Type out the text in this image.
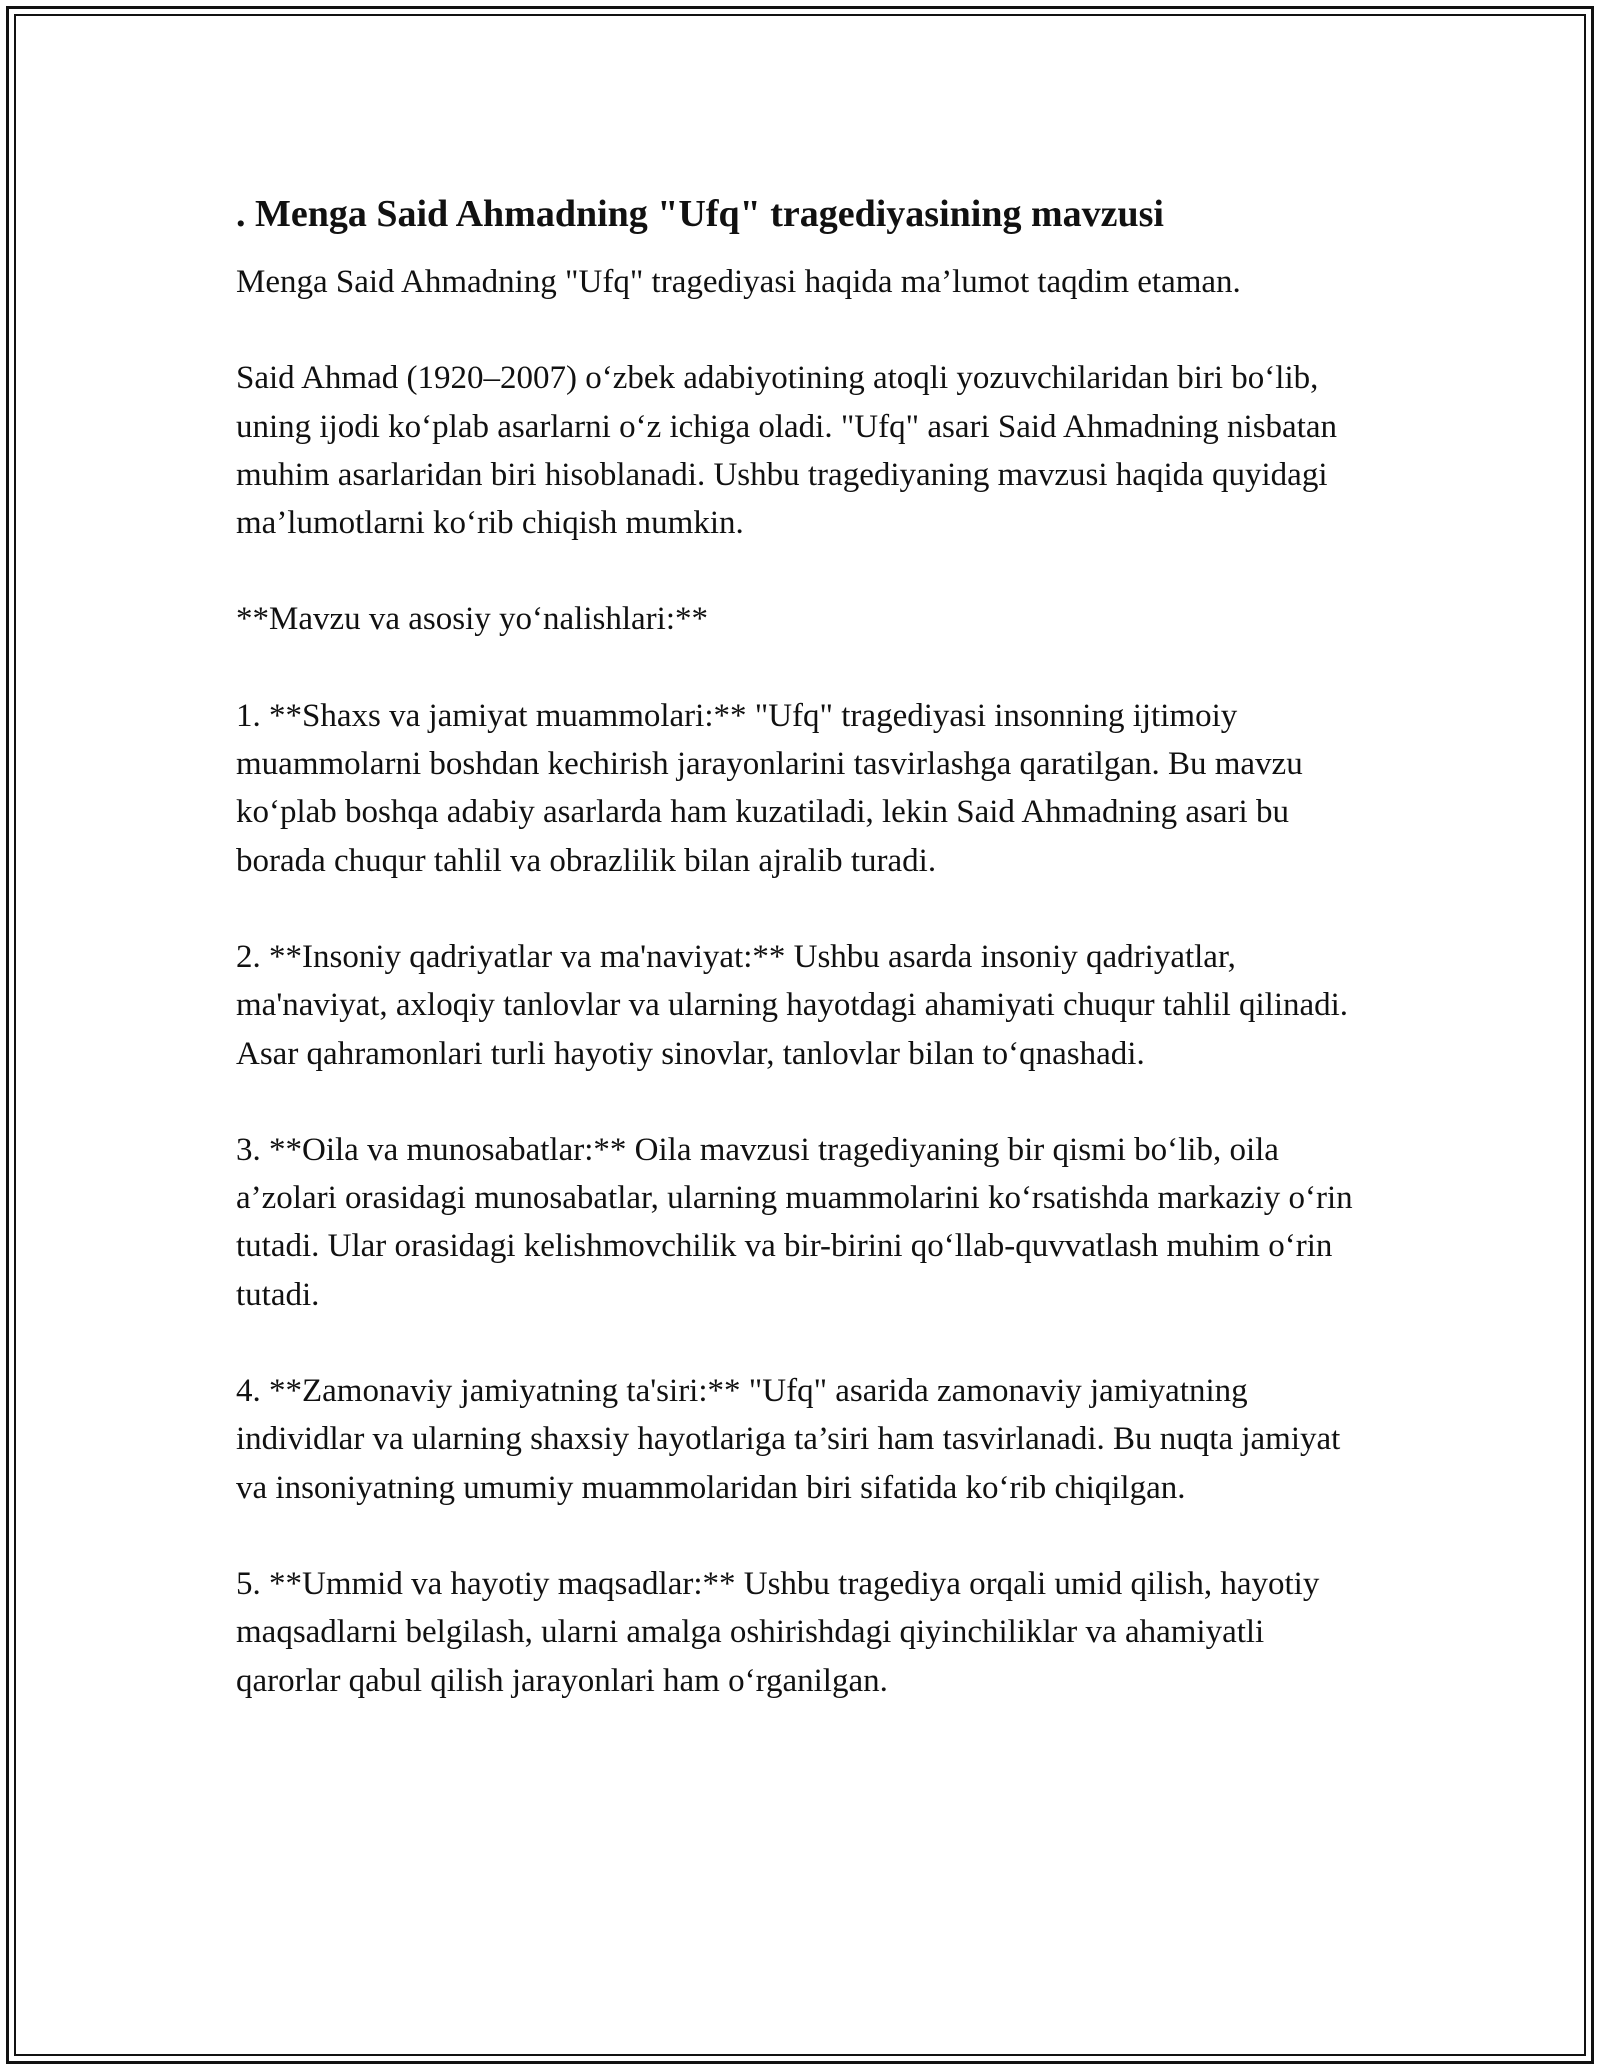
. Menga Said Ahmadning "Ufq" tragediyasining mavzusi

Menga Said Ahmadning "Ufq" tragediyasi haqida ma’lumot taqdim etaman.

Said Ahmad (1920–2007) o‘zbek adabiyotining atoqli yozuvchilaridan biri bo‘lib, uning ijodi ko‘plab asarlarni o‘z ichiga oladi. "Ufq" asari Said Ahmadning nisbatan muhim asarlaridan biri hisoblanadi. Ushbu tragediyaning mavzusi haqida quyidagi ma’lumotlarni ko‘rib chiqish mumkin.

**Mavzu va asosiy yo‘nalishlari:**

1. **Shaxs va jamiyat muammolari:** "Ufq" tragediyasi insonning ijtimoiy muammolarni boshdan kechirish jarayonlarini tasvirlashga qaratilgan. Bu mavzu ko‘plab boshqa adabiy asarlarda ham kuzatiladi, lekin Said Ahmadning asari bu borada chuqur tahlil va obrazlilik bilan ajralib turadi.

2. **Insoniy qadriyatlar va ma'naviyat:** Ushbu asarda insoniy qadriyatlar, ma'naviyat, axloqiy tanlovlar va ularning hayotdagi ahamiyati chuqur tahlil qilinadi. Asar qahramonlari turli hayotiy sinovlar, tanlovlar bilan to‘qnashadi.

3. **Oila va munosabatlar:** Oila mavzusi tragediyaning bir qismi bo‘lib, oila a’zolari orasidagi munosabatlar, ularning muammolarini ko‘rsatishda markaziy o‘rin tutadi. Ular orasidagi kelishmovchilik va bir-birini qo‘llab-quvvatlash muhim o‘rin tutadi.

4. **Zamonaviy jamiyatning ta'siri:** "Ufq" asarida zamonaviy jamiyatning individlar va ularning shaxsiy hayotlariga ta’siri ham tasvirlanadi. Bu nuqta jamiyat va insoniyatning umumiy muammolaridan biri sifatida ko‘rib chiqilgan.

5. **Ummid va hayotiy maqsadlar:** Ushbu tragediya orqali umid qilish, hayotiy maqsadlarni belgilash, ularni amalga oshirishdagi qiyinchiliklar va ahamiyatli qarorlar qabul qilish jarayonlari ham o‘rganilgan.
